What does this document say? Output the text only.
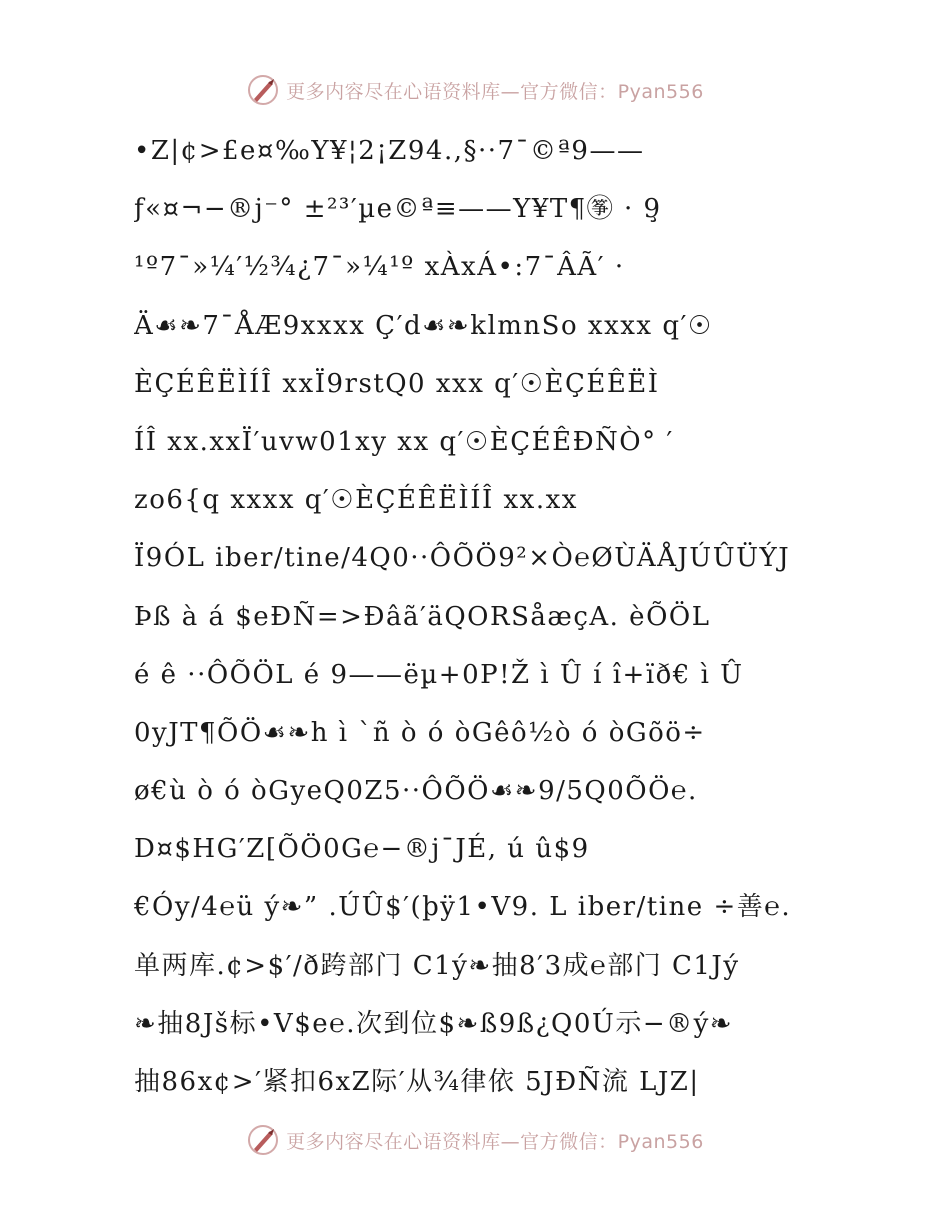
更多内容尽在心语资料库—官方微信：Pyan556
•Z|¢>£e¤‰Y¥¦2¡Z94.,§··7¯©ª9——
ƒ«¤¬−®ј⁻° ±²³′µe©ª≡——Y¥T¶㉇ · 9̧
¹º7¯»¼′½¾¿7¯»¼¹º xÀxÁ•:7¯ÂÃ′ ·
Ä☙❧7¯ÅÆ9xxxx Ç′d☙❧klmnSo xxxx q′☉
ÈÇÉÊËÌÍÎ xxÏ9rstQ0 xxx q′☉ÈÇÉÊËÌ
ÍÎ xx.xxÏ′uvw01xy xx q′☉ÈÇÉÊÐÑÒ° ′
zo6{q xxxx q′☉ÈÇÉÊËÌÍÎ xx.xx
Ï9ÓL iber/tine/4Q0··ÔÕÖ9²×Ò℮ØÙÄÅJÚÛÜÝJ
Þß à á $eÐÑ=>Ðâã′äQORSåæçA. èÕÖL
é ê ··ÔÕÖL é 9——ëµ+0P!Ž ì Û í î+ïð€ ì Û
0yJT¶ÕÖ☙❧h ì `ñ ò ó òGêô½ò ó òGõö÷
ø€ù ò ó òGyeQ0Z5··ÔÕÖ☙❧9/5Q0ÕÖ℮.
D¤$HG′Z[ÕÖ0G℮−®ј¯JÉ, ú û$9
€Óy/4℮ü ý❧” .ÚÛ$′(þÿ1•V9. L iber/tine ÷善℮.
单两库.¢>$′/ð跨部门 C1ý❧抽8′3成℮部门 C1Jý
❧抽8Jš标•V$e℮.次到位$❧ß9ß¿Q0Ú示−®ý❧
抽86x¢>′紧扣6xZ际′从¾律依 5JÐÑ流 LJZ|
更多内容尽在心语资料库—官方微信：Pyan556
